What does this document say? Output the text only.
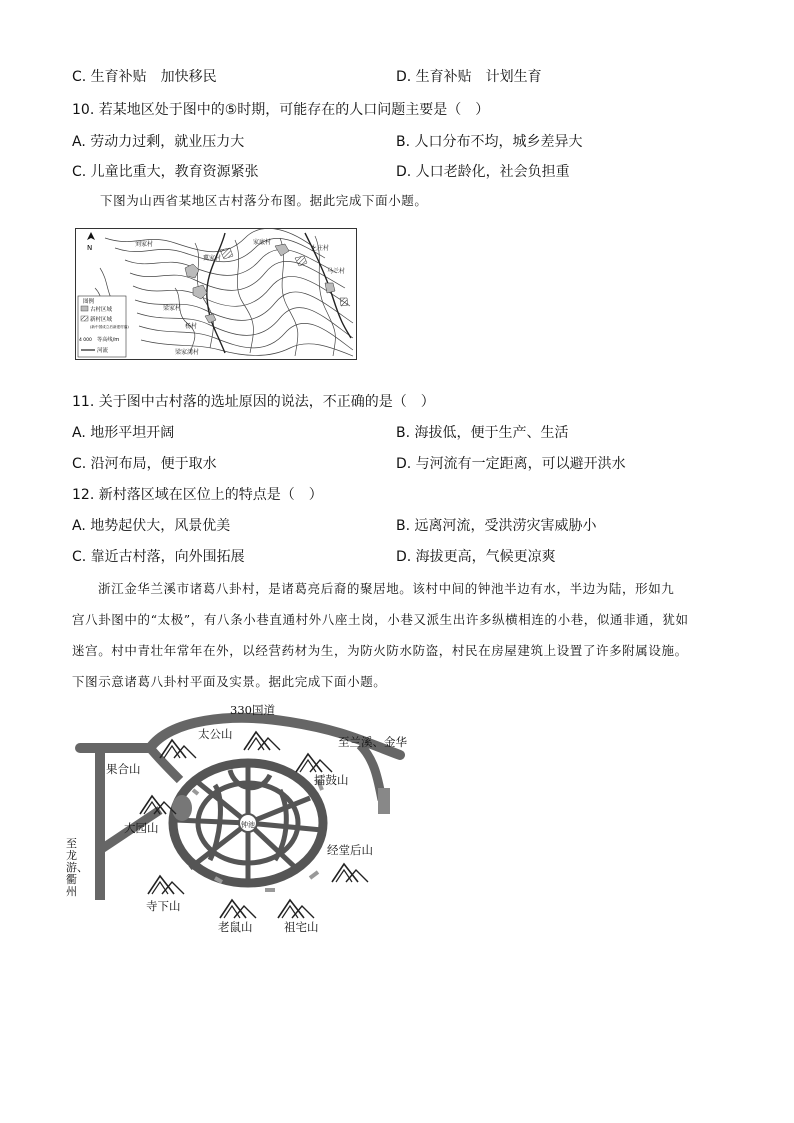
C. 生育补贴　加快移民	D. 生育补贴　计划生育
10. 若某地区处于图中的⑤时期，可能存在的人口问题主要是（　）
A. 劳动力过剩，就业压力大	B. 人口分布不均，城乡差异大
C. 儿童比重大，教育资源紧张	D. 人口老龄化，社会负担重
下图为山西省某地区古村落分布图。据此完成下面小题。
N
图例
古村区域
新村区域
(新中国成立后新建村落)
4 000 等高线/m
河流
刘家村
冀家村
家底村
上庄村
梁家村
杨村
马兰村
梁家湾村
11. 关于图中古村落的选址原因的说法，不正确的是（　）
A. 地形平坦开阔	B. 海拔低，便于生产、生活
C. 沿河布局，便于取水	D. 与河流有一定距离，可以避开洪水
12. 新村落区域在区位上的特点是（　）
A. 地势起伏大，风景优美	B. 远离河流，受洪涝灾害威胁小
C. 靠近古村落，向外围拓展	D. 海拔更高，气候更凉爽
浙江金华兰溪市诸葛八卦村，是诸葛亮后裔的聚居地。该村中间的钟池半边有水，半边为陆，形如九
宫八卦图中的“太极”，有八条小巷直通村外八座土岗，小巷又派生出许多纵横相连的小巷，似通非通，犹如
迷宫。村中青壮年常年在外，以经营药材为生，为防火防水防盗，村民在房屋建筑上设置了许多附属设施。
下图示意诸葛八卦村平面及实景。据此完成下面小题。
330国道
太公山
至兰溪、金华
果合山
擂鼓山
大园山
经堂后山
寺下山
老鼠山	祖宅山
钟池
至龙游、衢州
